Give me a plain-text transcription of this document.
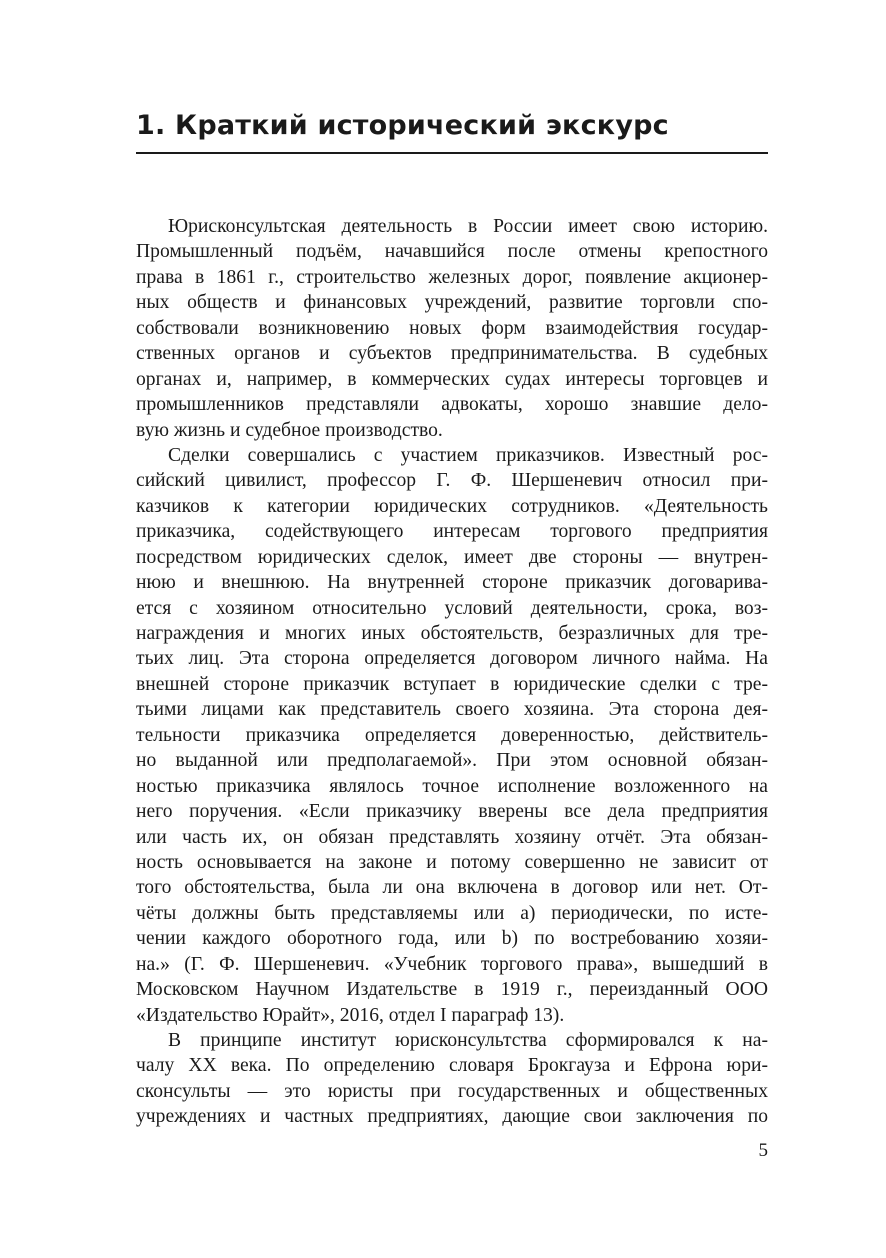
1. Краткий исторический экскурс
Юрисконсультская деятельность в России имеет свою историю.
Промышленный подъём, начавшийся после отмены крепостного
права в 1861 г., строительство железных дорог, появление акционер-
ных обществ и финансовых учреждений, развитие торговли спо-
собствовали возникновению новых форм взаимодействия государ-
ственных органов и субъектов предпринимательства. В судебных
органах и, например, в коммерческих судах интересы торговцев и
промышленников представляли адвокаты, хорошо знавшие дело-
вую жизнь и судебное производство.
Сделки совершались с участием приказчиков. Известный рос-
сийский цивилист, профессор Г. Ф. Шершеневич относил при-
казчиков к категории юридических сотрудников. «Деятельность
приказчика, содействующего интересам торгового предприятия
посредством юридических сделок, имеет две стороны — внутрен-
нюю и внешнюю. На внутренней стороне приказчик договарива-
ется с хозяином относительно условий деятельности, срока, воз-
награждения и многих иных обстоятельств, безразличных для тре-
тьих лиц. Эта сторона определяется договором личного найма. На
внешней стороне приказчик вступает в юридические сделки с тре-
тьими лицами как представитель своего хозяина. Эта сторона дея-
тельности приказчика определяется доверенностью, действитель-
но выданной или предполагаемой». При этом основной обязан-
ностью приказчика являлось точное исполнение возложенного на
него поручения. «Если приказчику вверены все дела предприятия
или часть их, он обязан представлять хозяину отчёт. Эта обязан-
ность основывается на законе и потому совершенно не зависит от
того обстоятельства, была ли она включена в договор или нет. От-
чёты должны быть представляемы или a) периодически, по исте-
чении каждого оборотного года, или b) по востребованию хозяи-
на.» (Г. Ф. Шершеневич. «Учебник торгового права», вышедший в
Московском Научном Издательстве в 1919 г., переизданный ООО
«Издательство Юрайт», 2016, отдел I параграф 13).
В принципе институт юрисконсультства сформировался к на-
чалу XX века. По определению словаря Брокгауза и Ефрона юри-
сконсульты — это юристы при государственных и общественных
учреждениях и частных предприятиях, дающие свои заключения по
5
